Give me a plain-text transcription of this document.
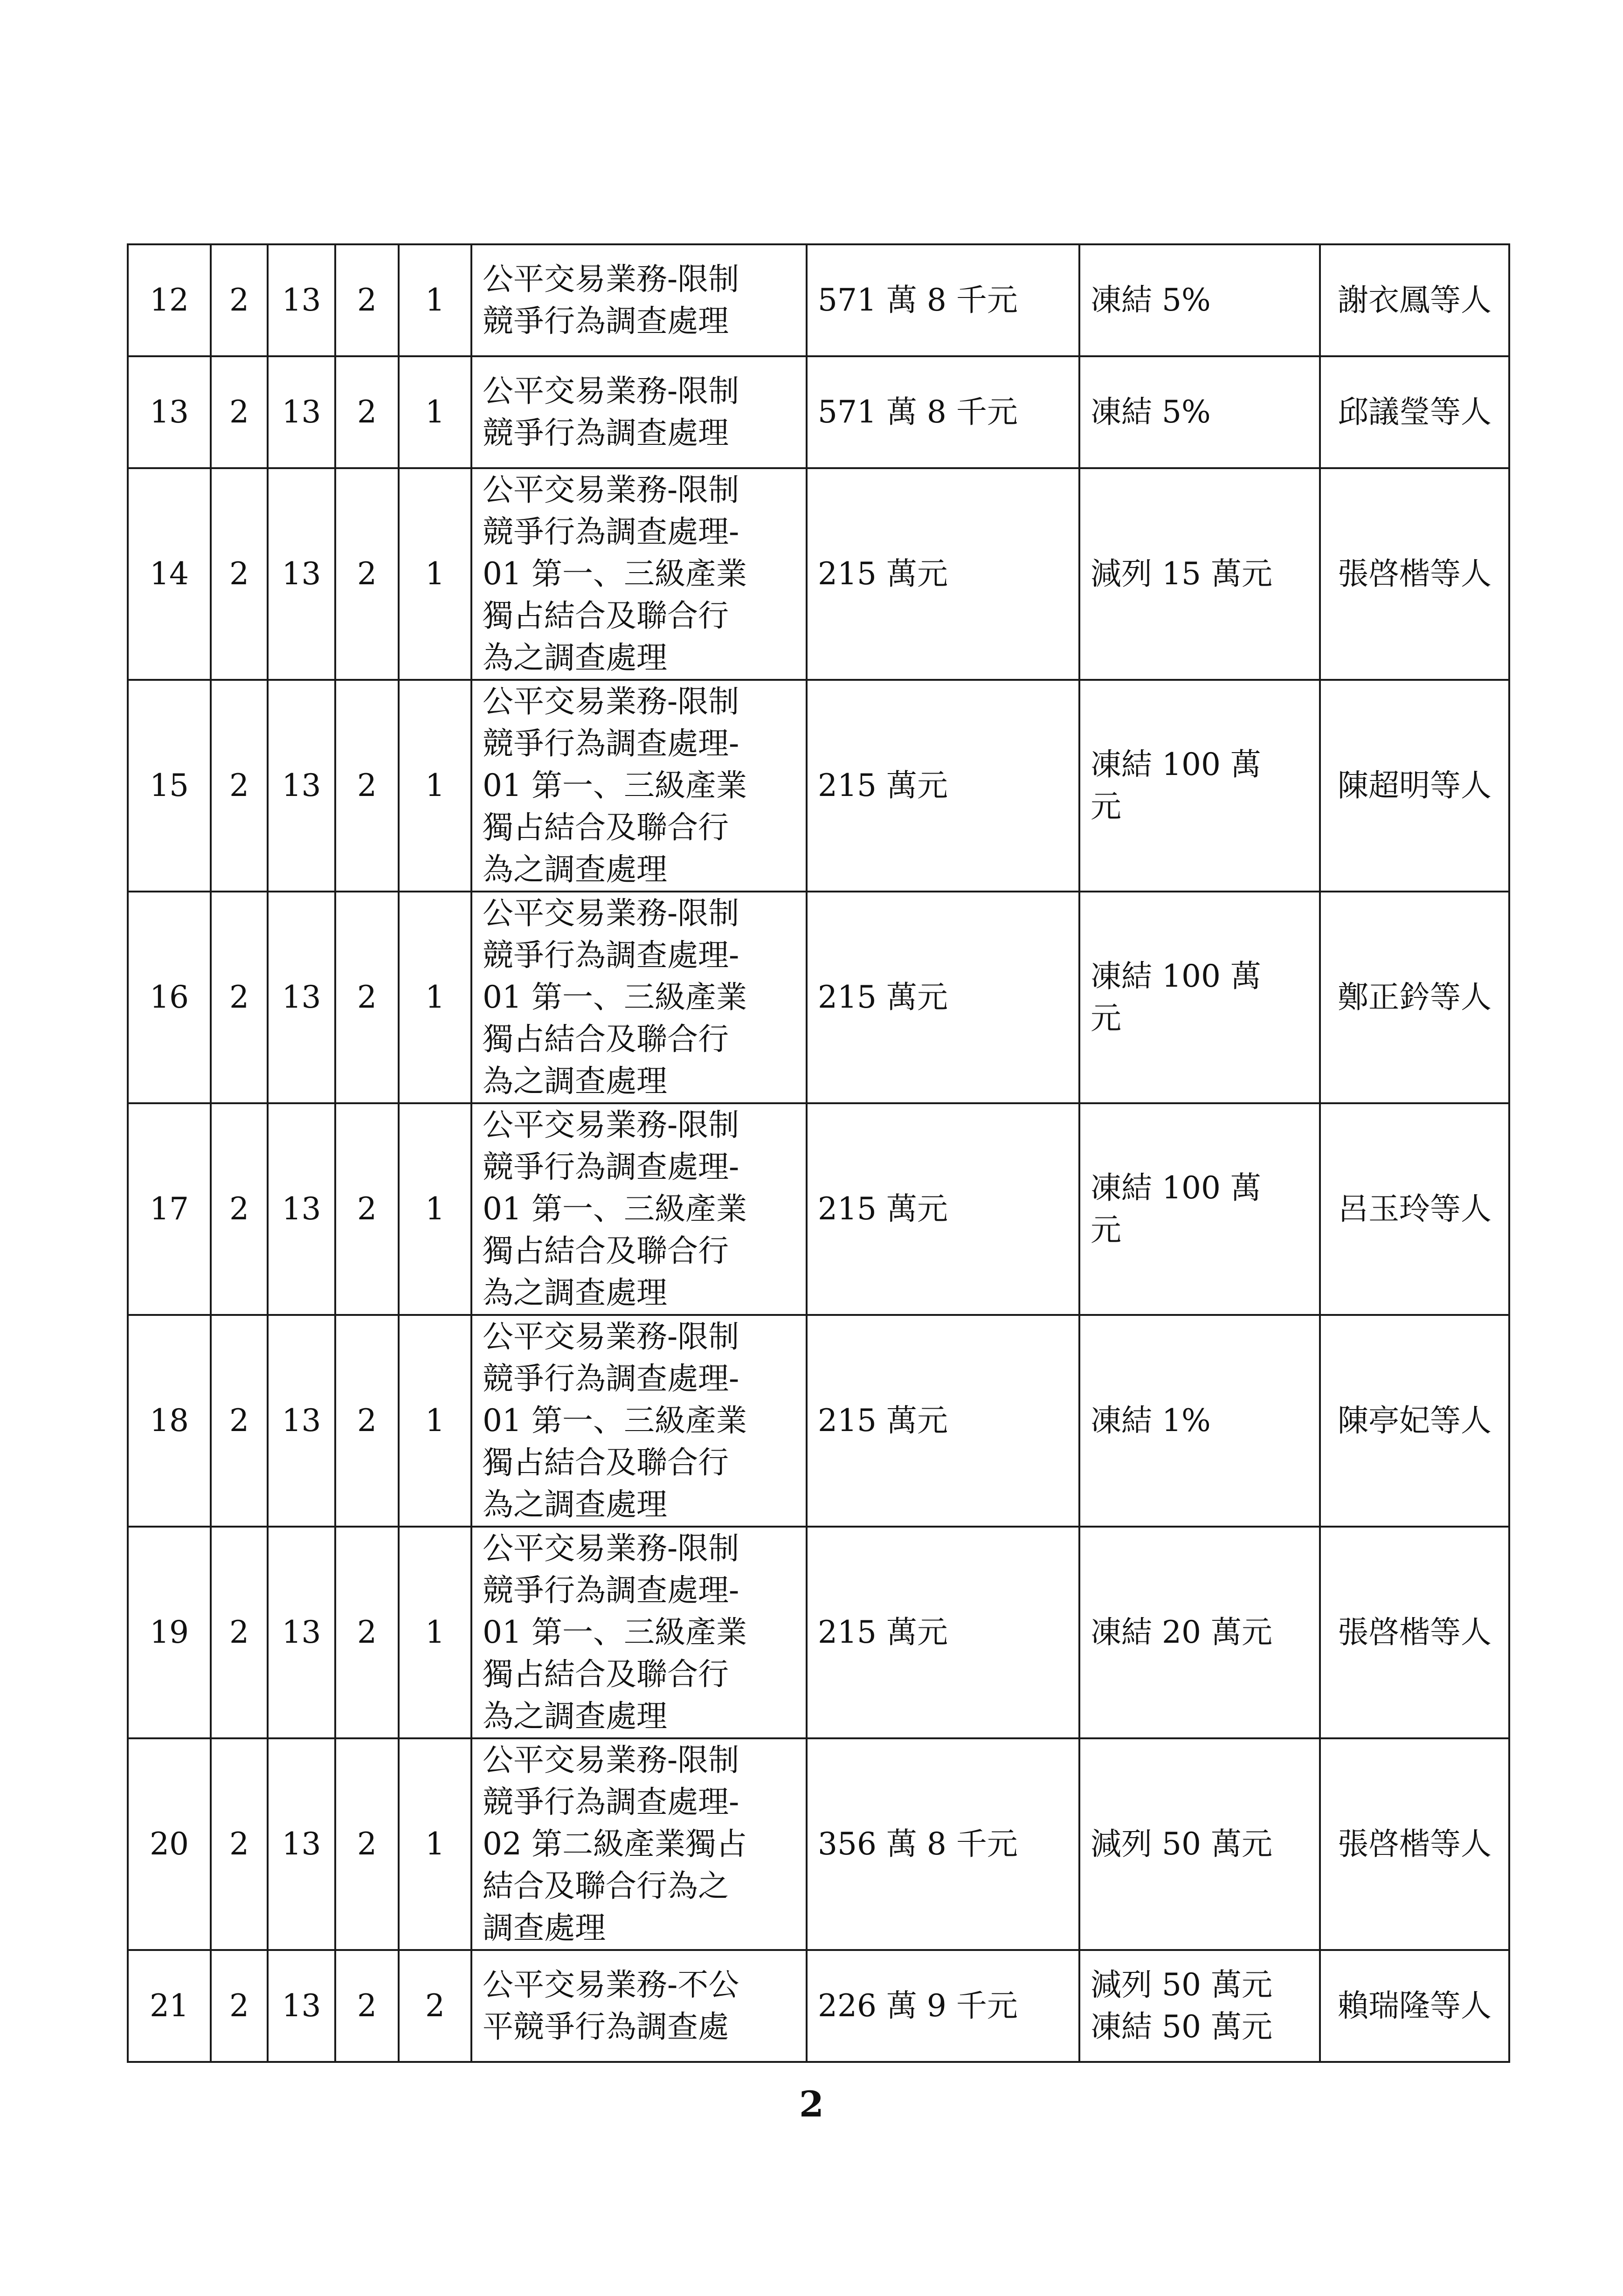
12	2	13	2	1	公平交易業務-限制
競爭行為調查處理	571 萬 8 千元	凍結 5%	謝衣鳳等人
13	2	13	2	1	公平交易業務-限制
競爭行為調查處理	571 萬 8 千元	凍結 5%	邱議瑩等人
14	2	13	2	1	公平交易業務-限制
競爭行為調查處理-
01 第一、三級產業
獨占結合及聯合行
為之調查處理	215 萬元	減列 15 萬元	張啓楷等人
15	2	13	2	1	公平交易業務-限制
競爭行為調查處理-
01 第一、三級產業
獨占結合及聯合行
為之調查處理	215 萬元	凍結 100 萬
元	陳超明等人
16	2	13	2	1	公平交易業務-限制
競爭行為調查處理-
01 第一、三級產業
獨占結合及聯合行
為之調查處理	215 萬元	凍結 100 萬
元	鄭正鈐等人
17	2	13	2	1	公平交易業務-限制
競爭行為調查處理-
01 第一、三級產業
獨占結合及聯合行
為之調查處理	215 萬元	凍結 100 萬
元	呂玉玲等人
18	2	13	2	1	公平交易業務-限制
競爭行為調查處理-
01 第一、三級產業
獨占結合及聯合行
為之調查處理	215 萬元	凍結 1%	陳亭妃等人
19	2	13	2	1	公平交易業務-限制
競爭行為調查處理-
01 第一、三級產業
獨占結合及聯合行
為之調查處理	215 萬元	凍結 20 萬元	張啓楷等人
20	2	13	2	1	公平交易業務-限制
競爭行為調查處理-
02 第二級產業獨占
結合及聯合行為之
調查處理	356 萬 8 千元	減列 50 萬元	張啓楷等人
21	2	13	2	2	公平交易業務-不公
平競爭行為調查處	226 萬 9 千元	減列 50 萬元
凍結 50 萬元	賴瑞隆等人
2
